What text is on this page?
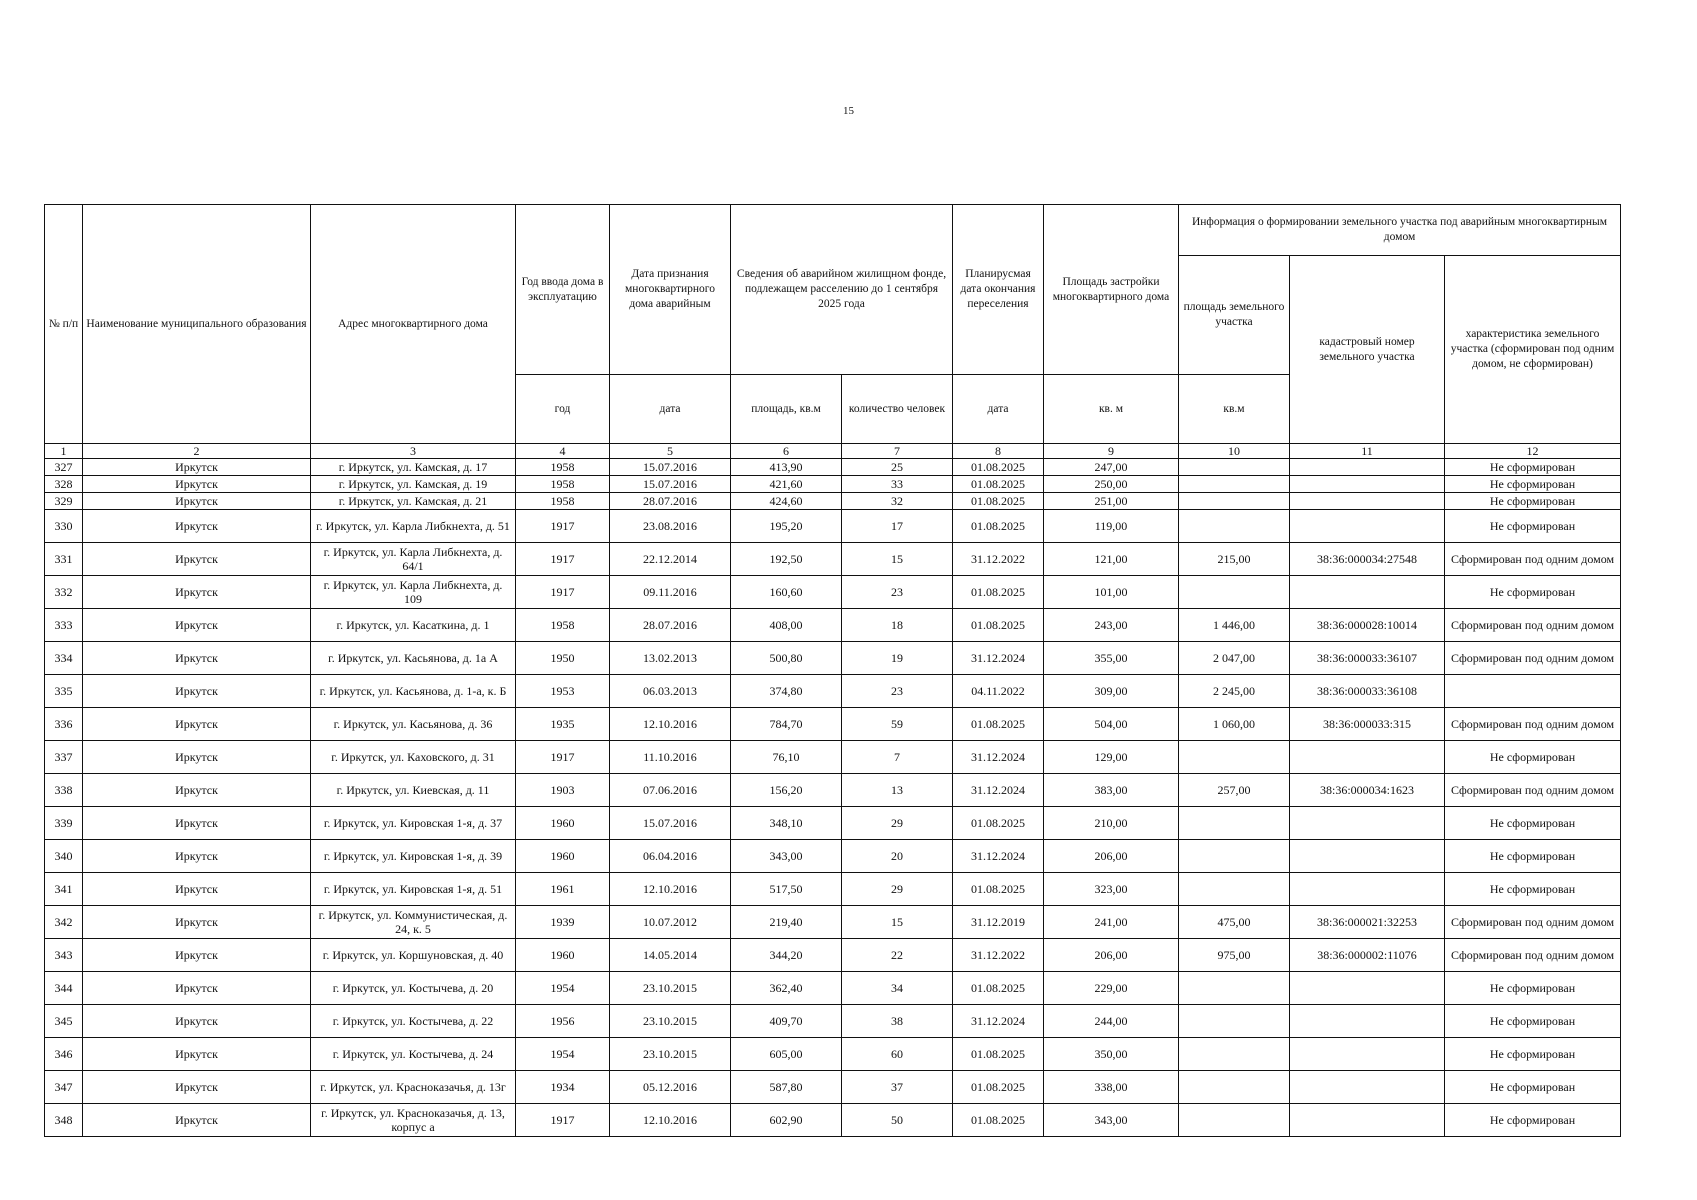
15
№ п/п	Наименование муниципального образования	Адрес многоквартирного дома	Год ввода дома в эксплуатацию	Дата признания многоквартирного дома аварийным	Сведения об аварийном жилищном фонде, подлежащем расселению до 1 сентября 2025 года		Планирусмая дата окончания переселения	Площадь застройки многоквартирного дома	Информация о формировании земельного участка под аварийным многоквартирным домом		
									площадь земельного участка	кадастровый номер земельного участка	характеристика земельного участка (сформирован под одним домом, не сформирован)
			год	дата	площадь, кв.м	количество человек	дата	кв. м	кв.м		
1	2	3	4	5	6	7	8	9	10	11	12
327	Иркутск	г. Иркутск, ул. Камская, д. 17	1958	15.07.2016	413,90	25	01.08.2025	247,00			Не сформирован
328	Иркутск	г. Иркутск, ул. Камская, д. 19	1958	15.07.2016	421,60	33	01.08.2025	250,00			Не сформирован
329	Иркутск	г. Иркутск, ул. Камская, д. 21	1958	28.07.2016	424,60	32	01.08.2025	251,00			Не сформирован
330	Иркутск	г. Иркутск, ул. Карла Либкнехта, д. 51	1917	23.08.2016	195,20	17	01.08.2025	119,00			Не сформирован
331	Иркутск	г. Иркутск, ул. Карла Либкнехта, д. 64/1	1917	22.12.2014	192,50	15	31.12.2022	121,00	215,00	38:36:000034:27548	Сформирован под одним домом
332	Иркутск	г. Иркутск, ул. Карла Либкнехта, д. 109	1917	09.11.2016	160,60	23	01.08.2025	101,00			Не сформирован
333	Иркутск	г. Иркутск, ул. Касаткина, д. 1	1958	28.07.2016	408,00	18	01.08.2025	243,00	1 446,00	38:36:000028:10014	Сформирован под одним домом
334	Иркутск	г. Иркутск, ул. Касьянова, д. 1а А	1950	13.02.2013	500,80	19	31.12.2024	355,00	2 047,00	38:36:000033:36107	Сформирован под одним домом
335	Иркутск	г. Иркутск, ул. Касьянова, д. 1-а, к. Б	1953	06.03.2013	374,80	23	04.11.2022	309,00	2 245,00	38:36:000033:36108	
336	Иркутск	г. Иркутск, ул. Касьянова, д. 36	1935	12.10.2016	784,70	59	01.08.2025	504,00	1 060,00	38:36:000033:315	Сформирован под одним домом
337	Иркутск	г. Иркутск, ул. Каховского, д. 31	1917	11.10.2016	76,10	7	31.12.2024	129,00			Не сформирован
338	Иркутск	г. Иркутск, ул. Киевская, д. 11	1903	07.06.2016	156,20	13	31.12.2024	383,00	257,00	38:36:000034:1623	Сформирован под одним домом
339	Иркутск	г. Иркутск, ул. Кировская 1-я, д. 37	1960	15.07.2016	348,10	29	01.08.2025	210,00			Не сформирован
340	Иркутск	г. Иркутск, ул. Кировская 1-я, д. 39	1960	06.04.2016	343,00	20	31.12.2024	206,00			Не сформирован
341	Иркутск	г. Иркутск, ул. Кировская 1-я, д. 51	1961	12.10.2016	517,50	29	01.08.2025	323,00			Не сформирован
342	Иркутск	г. Иркутск, ул. Коммунистическая, д. 24, к. 5	1939	10.07.2012	219,40	15	31.12.2019	241,00	475,00	38:36:000021:32253	Сформирован под одним домом
343	Иркутск	г. Иркутск, ул. Коршуновская, д. 40	1960	14.05.2014	344,20	22	31.12.2022	206,00	975,00	38:36:000002:11076	Сформирован под одним домом
344	Иркутск	г. Иркутск, ул. Костычева, д. 20	1954	23.10.2015	362,40	34	01.08.2025	229,00			Не сформирован
345	Иркутск	г. Иркутск, ул. Костычева, д. 22	1956	23.10.2015	409,70	38	31.12.2024	244,00			Не сформирован
346	Иркутск	г. Иркутск, ул. Костычева, д. 24	1954	23.10.2015	605,00	60	01.08.2025	350,00			Не сформирован
347	Иркутск	г. Иркутск, ул. Красноказачья, д. 13г	1934	05.12.2016	587,80	37	01.08.2025	338,00			Не сформирован
348	Иркутск	г. Иркутск, ул. Красноказачья, д. 13, корпус а	1917	12.10.2016	602,90	50	01.08.2025	343,00			Не сформирован
